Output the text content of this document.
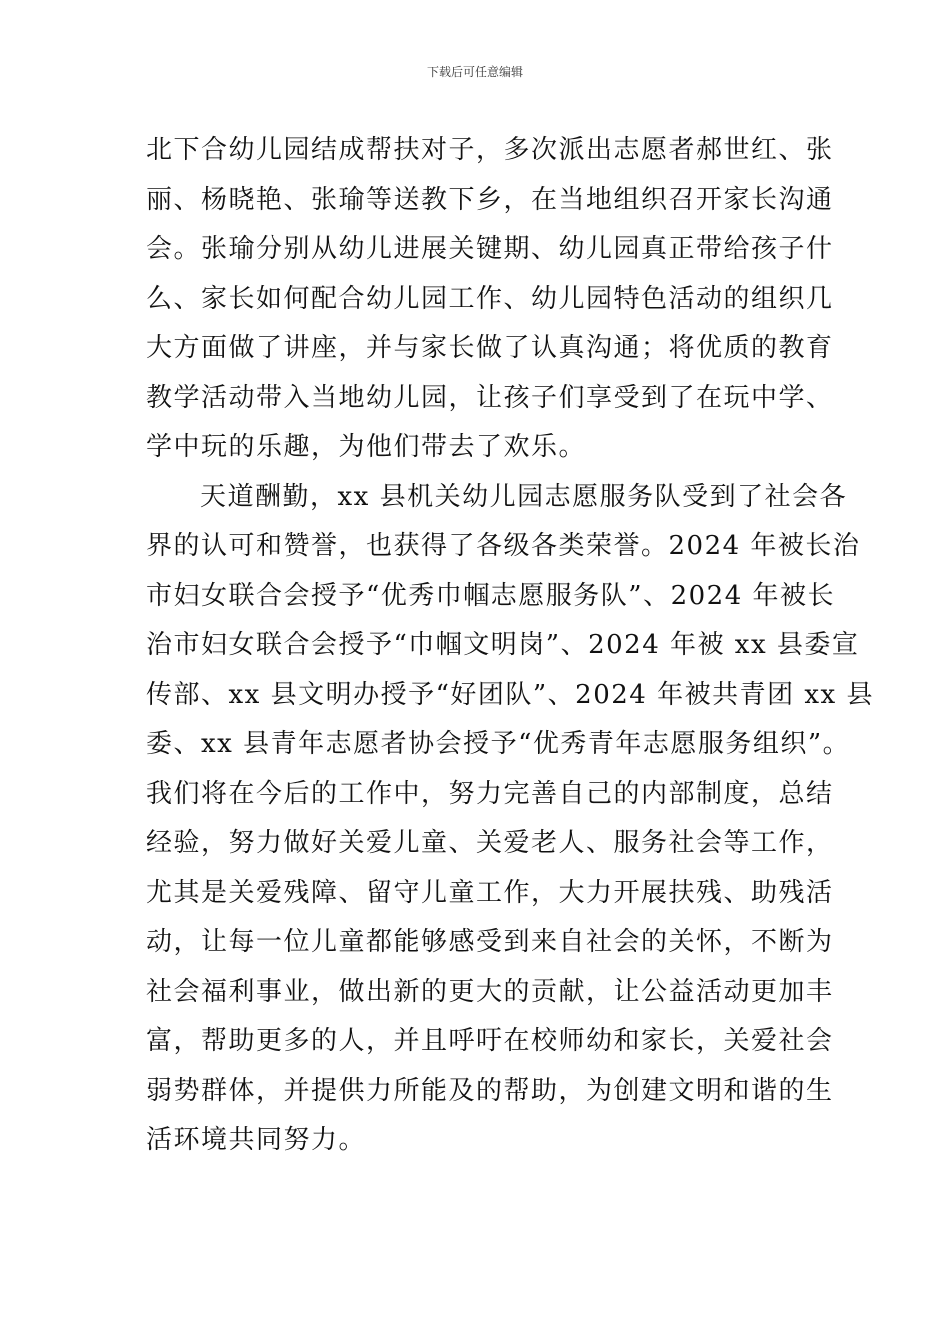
下载后可任意编辑

北下合幼儿园结成帮扶对子，多次派出志愿者郝世红、张
丽、杨晓艳、张瑜等送教下乡，在当地组织召开家长沟通
会。张瑜分别从幼儿进展关键期、幼儿园真正带给孩子什
么、家长如何配合幼儿园工作、幼儿园特色活动的组织几
大方面做了讲座，并与家长做了认真沟通；将优质的教育
教学活动带入当地幼儿园，让孩子们享受到了在玩中学、
学中玩的乐趣，为他们带去了欢乐。

天道酬勤，xx 县机关幼儿园志愿服务队受到了社会各
界的认可和赞誉，也获得了各级各类荣誉。2024 年被长治
市妇女联合会授予“优秀巾帼志愿服务队”、2024 年被长
治市妇女联合会授予“巾帼文明岗”、2024 年被 xx 县委宣
传部、xx 县文明办授予“好团队”、2024 年被共青团 xx 县
委、xx 县青年志愿者协会授予“优秀青年志愿服务组织”。
我们将在今后的工作中，努力完善自己的内部制度，总结
经验，努力做好关爱儿童、关爱老人、服务社会等工作，
尤其是关爱残障、留守儿童工作，大力开展扶残、助残活
动，让每一位儿童都能够感受到来自社会的关怀，不断为
社会福利事业，做出新的更大的贡献，让公益活动更加丰
富，帮助更多的人，并且呼吁在校师幼和家长，关爱社会
弱势群体，并提供力所能及的帮助，为创建文明和谐的生
活环境共同努力。
